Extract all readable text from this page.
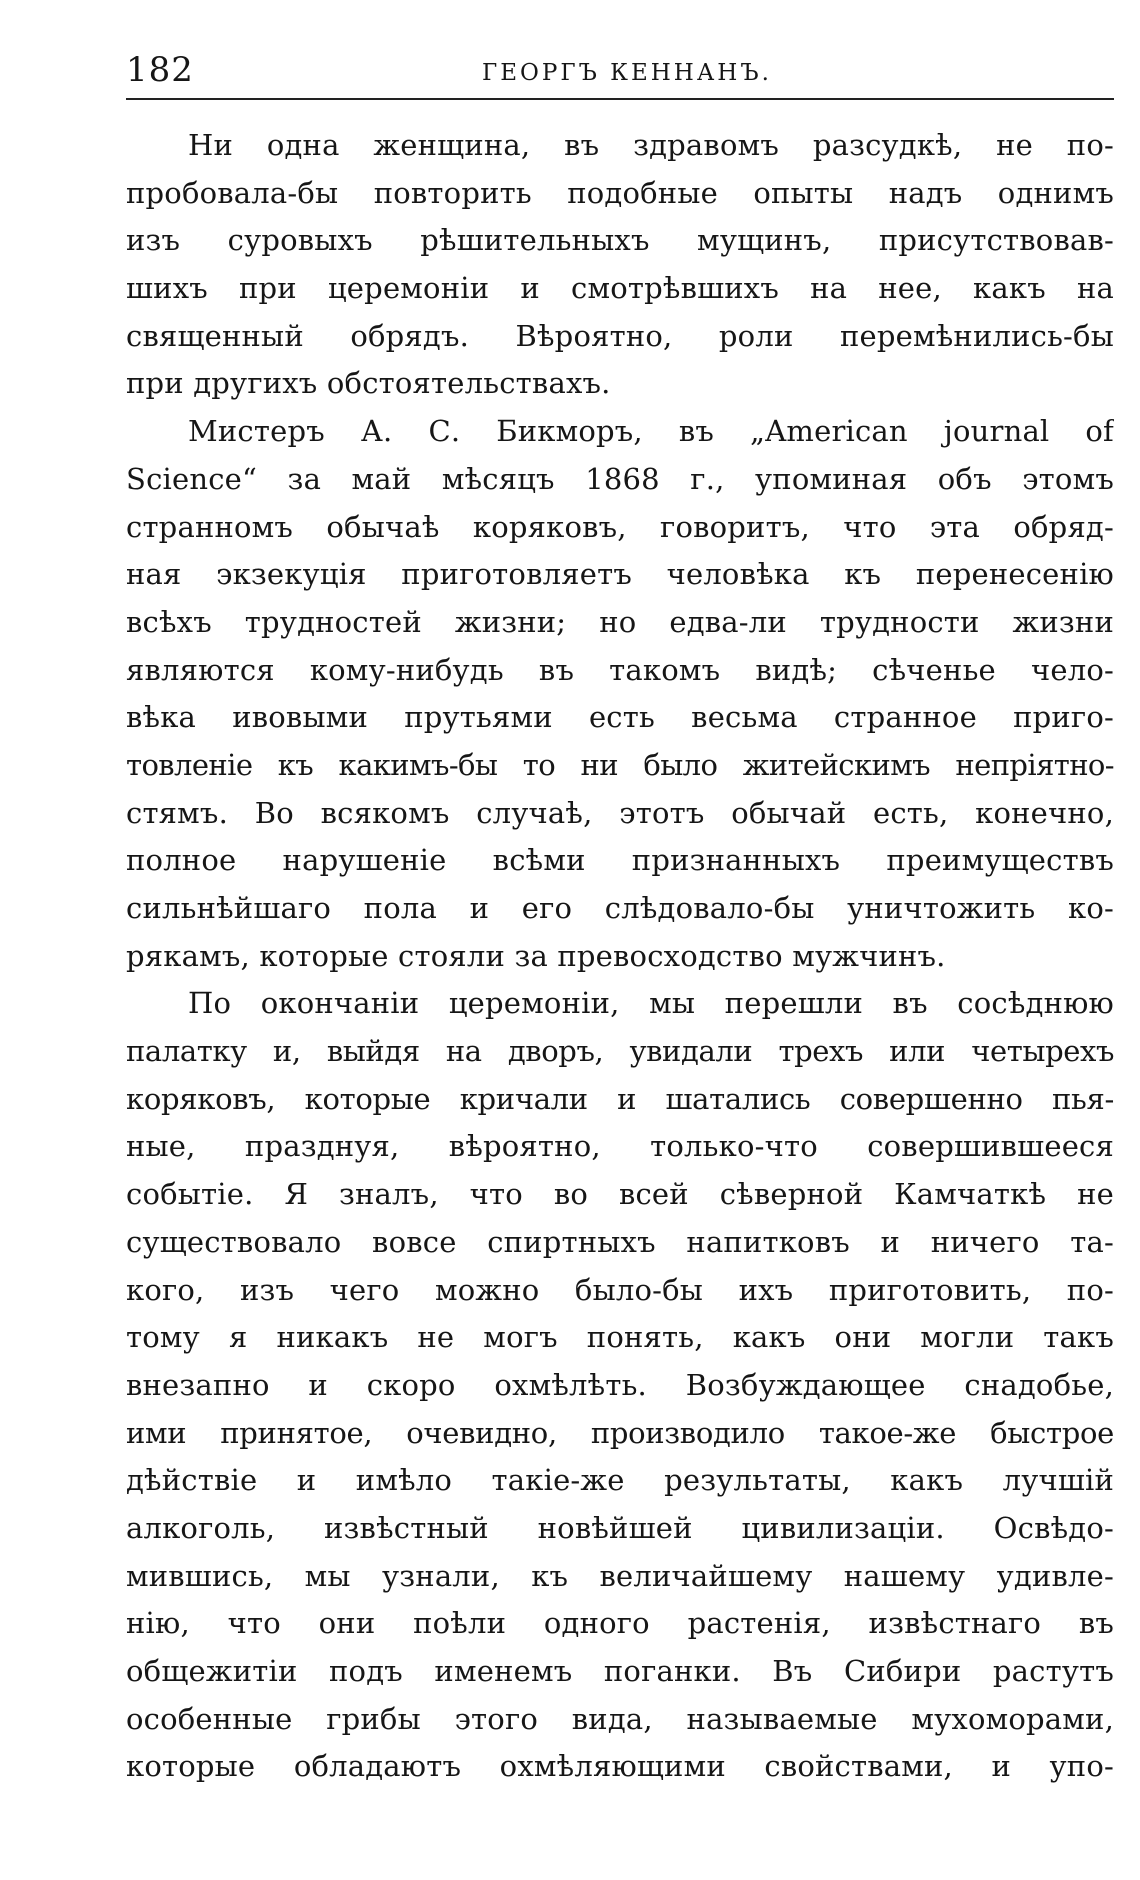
182	ГЕОРГЪ КЕННАНЪ.
Ни одна женщина, въ здравомъ разсудкѣ, не по-
пробовала-бы повторить подобные опыты надъ однимъ
изъ суровыхъ рѣшительныхъ мущинъ, присутствовав-
шихъ при церемоніи и смотрѣвшихъ на нее, какъ на
священный обрядъ. Вѣроятно, роли перемѣнились-бы
при другихъ обстоятельствахъ.
Мистеръ А. С. Бикморъ, въ „American journal of
Science“ за май мѣсяцъ 1868 г., упоминая объ этомъ
странномъ обычаѣ коряковъ, говоритъ, что эта обряд-
ная экзекуція приготовляетъ человѣка къ перенесенію
всѣхъ трудностей жизни; но едва-ли трудности жизни
являются кому-нибудь въ такомъ видѣ; сѣченье чело-
вѣка ивовыми прутьями есть весьма странное приго-
товленіе къ какимъ-бы то ни было житейскимъ непріятно-
стямъ. Во всякомъ случаѣ, этотъ обычай есть, конечно,
полное нарушеніе всѣми признанныхъ преимуществъ
сильнѣйшаго пола и его слѣдовало-бы уничтожить ко-
рякамъ, которые стояли за превосходство мужчинъ.
По окончаніи церемоніи, мы перешли въ сосѣднюю
палатку и, выйдя на дворъ, увидали трехъ или четырехъ
коряковъ, которые кричали и шатались совершенно пья-
ные, празднуя, вѣроятно, только-что совершившееся
событіе. Я зналъ, что во всей сѣверной Камчаткѣ не
существовало вовсе спиртныхъ напитковъ и ничего та-
кого, изъ чего можно было-бы ихъ приготовить, по-
тому я никакъ не могъ понять, какъ они могли такъ
внезапно и скоро охмѣлѣть. Возбуждающее снадобье,
ими принятое, очевидно, производило такое-же быстрое
дѣйствіе и имѣло такіе-же результаты, какъ лучшій
алкоголь, извѣстный новѣйшей цивилизаціи. Освѣдо-
мившись, мы узнали, къ величайшему нашему удивле-
нію, что они поѣли одного растенія, извѣстнаго въ
общежитіи подъ именемъ поганки. Въ Сибири растутъ
особенные грибы этого вида, называемые мухоморами,
которые обладаютъ охмѣляющими свойствами, и упо-
